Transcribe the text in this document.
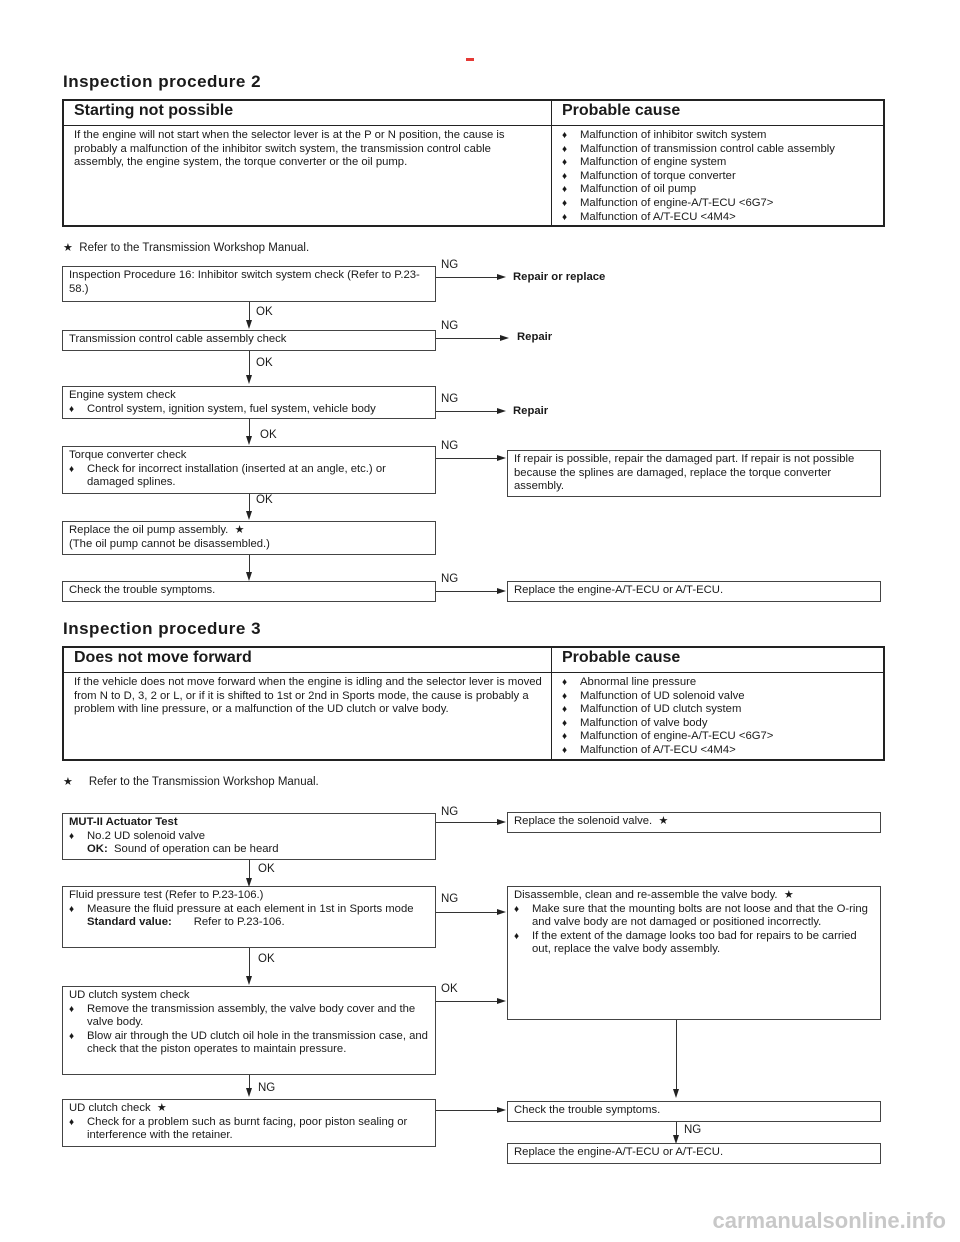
Inspection procedure 2
Starting not possible	Probable cause
If the engine will not start when the selector lever is at the P or N position, the cause is probably a malfunction of the inhibitor switch system, the transmission control cable assembly, the engine system, the torque converter or the oil pump.
♦ Malfunction of inhibitor switch system
♦ Malfunction of transmission control cable assembly
♦ Malfunction of engine system
♦ Malfunction of torque converter
♦ Malfunction of oil pump
♦ Malfunction of engine-A/T-ECU <6G7>
♦ Malfunction of A/T-ECU <4M4>
★ Refer to the Transmission Workshop Manual.
Inspection Procedure 16: Inhibitor switch system check (Refer to P.23-58.)
NG
Repair or replace
OK
Transmission control cable assembly check
NG
Repair
OK
Engine system check
♦ Control system, ignition system, fuel system, vehicle body
NG
Repair
OK
Torque converter check
♦ Check for incorrect installation (inserted at an angle, etc.) or damaged splines.
NG
If repair is possible, repair the damaged part. If repair is not possible because the splines are damaged, replace the torque converter assembly.
OK
Replace the oil pump assembly. ★
(The oil pump cannot be disassembled.)
Check the trouble symptoms.
NG
Replace the engine-A/T-ECU or A/T-ECU.
Inspection procedure 3
Does not move forward	Probable cause
If the vehicle does not move forward when the engine is idling and the selector lever is moved from N to D, 3, 2 or L, or if it is shifted to 1st or 2nd in Sports mode, the cause is probably a problem with line pressure, or a malfunction of the UD clutch or valve body.
♦ Abnormal line pressure
♦ Malfunction of UD solenoid valve
♦ Malfunction of UD clutch system
♦ Malfunction of valve body
♦ Malfunction of engine-A/T-ECU <6G7>
♦ Malfunction of A/T-ECU <4M4>
★ Refer to the Transmission Workshop Manual.
MUT-II Actuator Test
♦ No.2 UD solenoid valve
OK: Sound of operation can be heard
NG
Replace the solenoid valve. ★
OK
Fluid pressure test (Refer to P.23-106.)
♦ Measure the fluid pressure at each element in 1st in Sports mode
Standard value: Refer to P.23-106.
NG	Disassemble, clean and re-assemble the valve body. ★
♦ Make sure that the mounting bolts are not loose and that the O-ring and valve body are not damaged or positioned incorrectly.
♦ If the extent of the damage looks too bad for repairs to be carried out, replace the valve body assembly.
OK
UD clutch system check
♦ Remove the transmission assembly, the valve body cover and the valve body.
♦ Blow air through the UD clutch oil hole in the transmission case, and check that the piston operates to maintain pressure.
OK
NG
UD clutch check ★
♦ Check for a problem such as burnt facing, poor piston sealing or interference with the retainer.
Check the trouble symptoms.
NG
Replace the engine-A/T-ECU or A/T-ECU.
carmanualsonline.info
